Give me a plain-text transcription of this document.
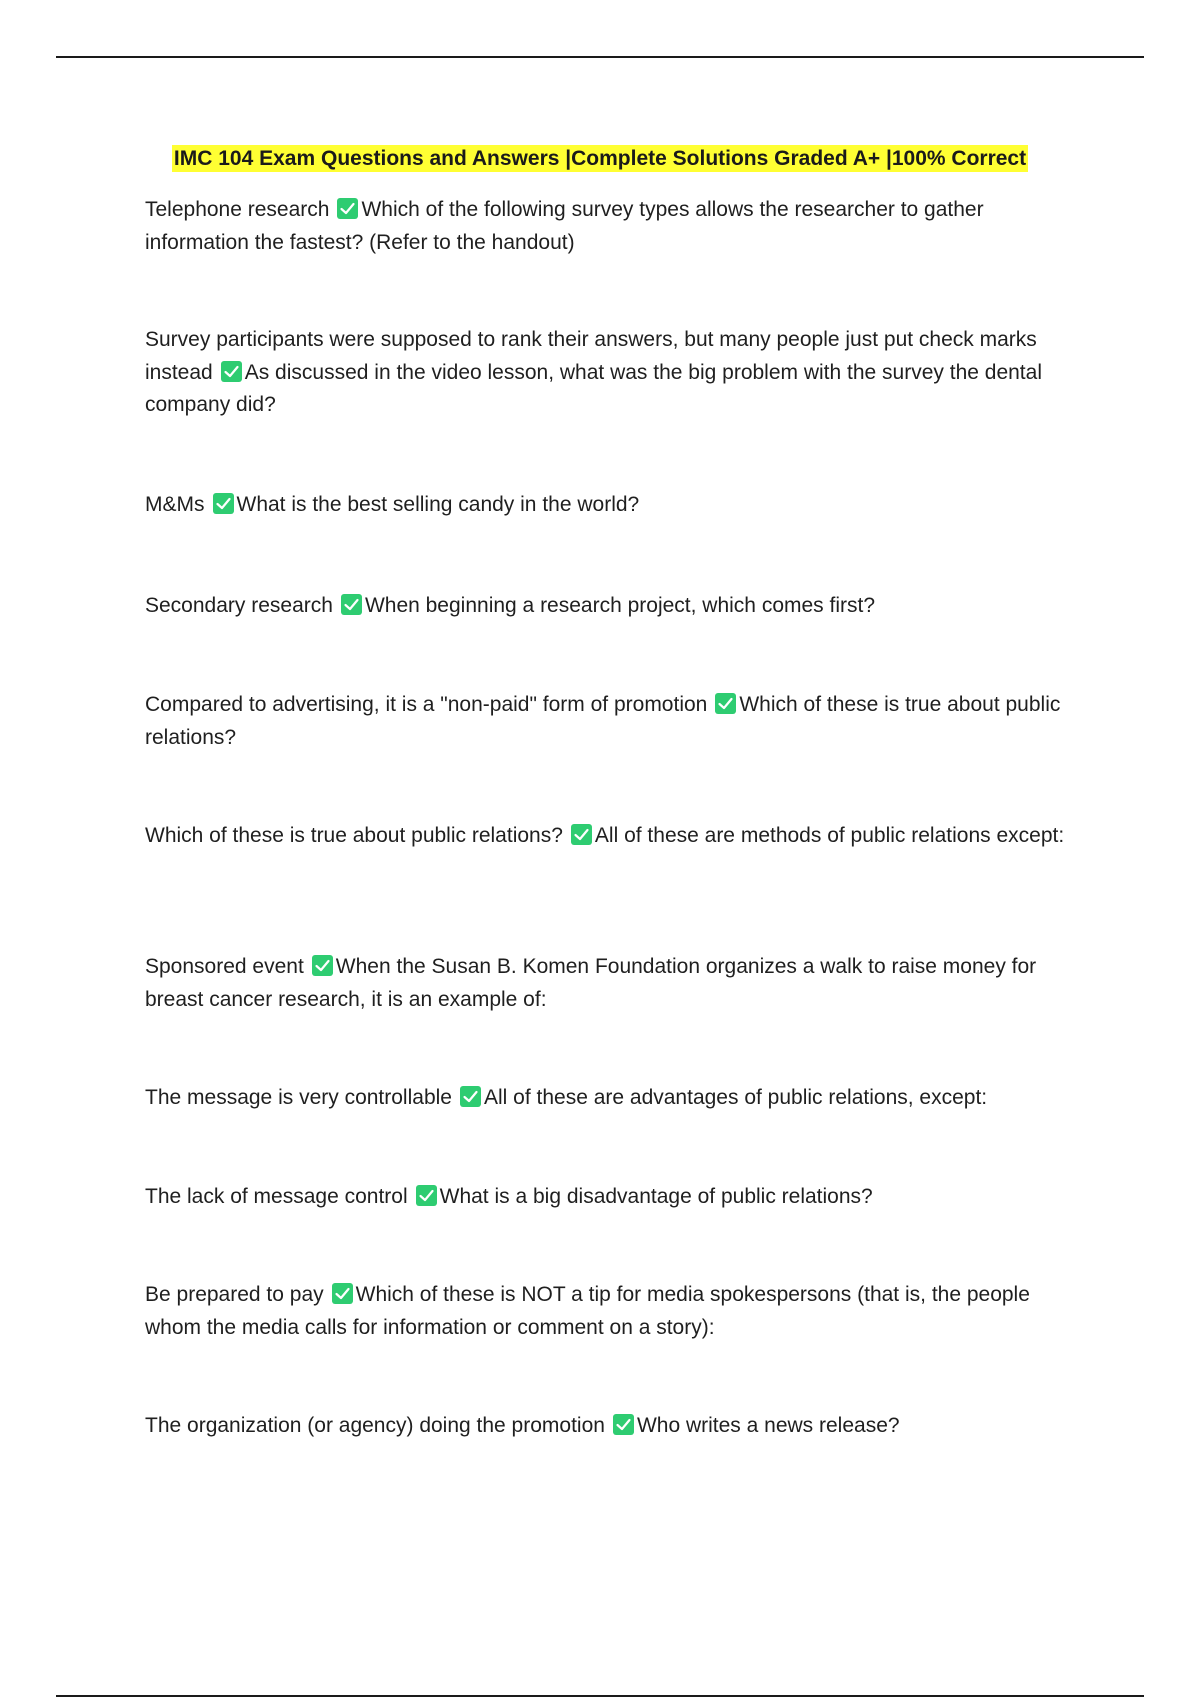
IMC 104 Exam Questions and Answers |Complete Solutions Graded A+ |100% Correct
Telephone research Which of the following survey types allows the researcher to gather information the fastest? (Refer to the handout)
Survey participants were supposed to rank their answers, but many people just put check marks instead As discussed in the video lesson, what was the big problem with the survey the dental company did?
M&Ms What is the best selling candy in the world?
Secondary research When beginning a research project, which comes first?
Compared to advertising, it is a "non-paid" form of promotion Which of these is true about public relations?
Which of these is true about public relations? All of these are methods of public relations except:
Sponsored event When the Susan B. Komen Foundation organizes a walk to raise money for breast cancer research, it is an example of:
The message is very controllable All of these are advantages of public relations, except:
The lack of message control What is a big disadvantage of public relations?
Be prepared to pay Which of these is NOT a tip for media spokespersons (that is, the people whom the media calls for information or comment on a story):
The organization (or agency) doing the promotion Who writes a news release?
